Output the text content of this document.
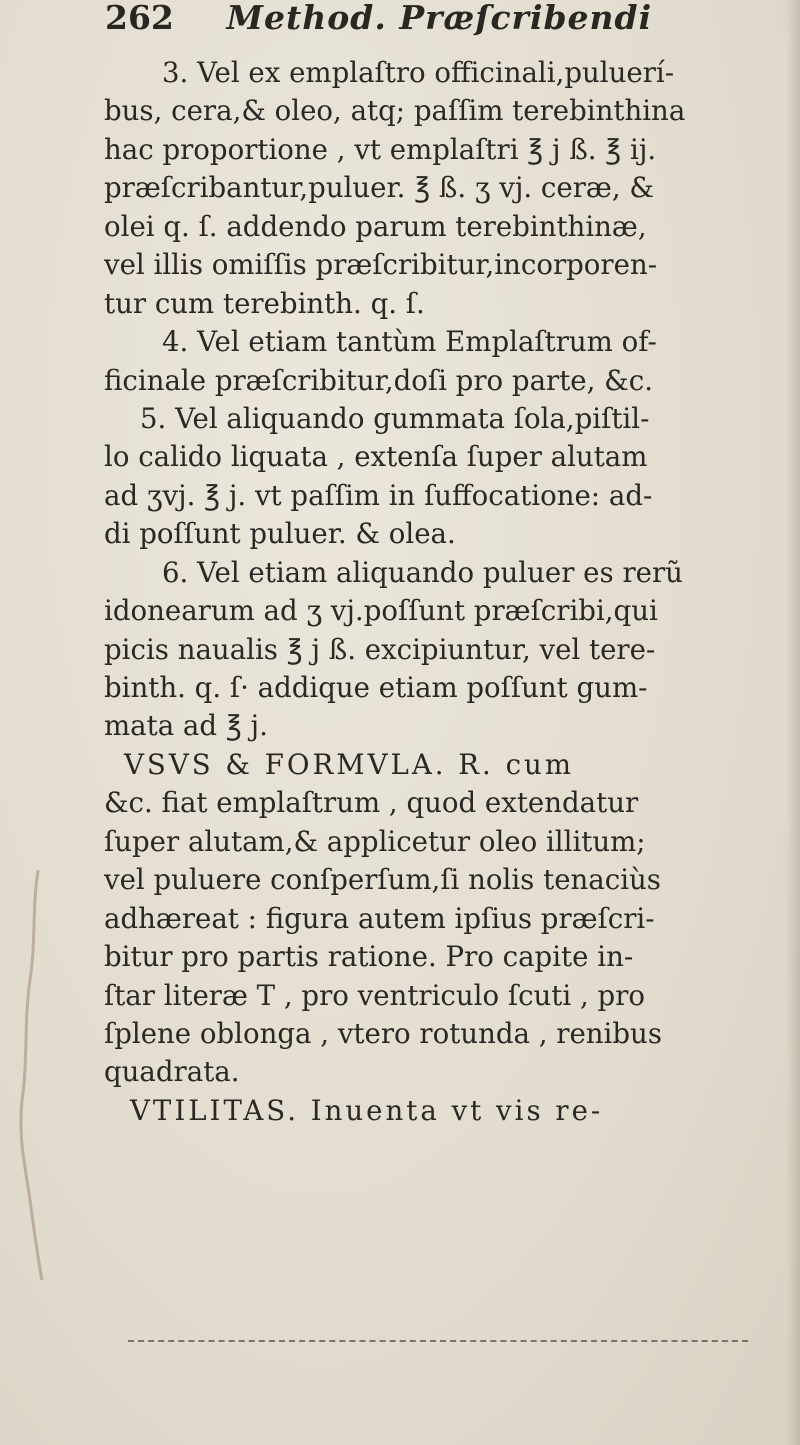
262 Method. Præſcribendi
3. Vel ex emplaſtro officinali,puluerí-
bus, cera,& oleo, atq; paſſim terebinthina
hac proportione , vt emplaſtri ℥ j ß. ℥ ij.
præſcribantur,puluer. ℥ ß. ʒ vj. ceræ, &
olei q. ſ. addendo parum terebinthinæ,
vel illis omiſſis præſcribitur,incorporen-
tur cum terebinth. q. ſ.
4. Vel etiam tantùm Emplaſtrum of-
ficinale præſcribitur,doſi pro parte, &c.
5. Vel aliquando gummata ſola,piſtil-
lo calido liquata , extenſa ſuper alutam
ad ʒvj. ℥ j. vt paſſim in ſuffocatione: ad-
di poſſunt puluer. & olea.
6. Vel etiam aliquando puluer es rerũ
idonearum ad ʒ vj.poſſunt præſcribi,qui
picis naualis ℥ j ß. excipiuntur, vel tere-
binth. q. ſ· addique etiam poſſunt gum-
mata ad ℥ j.
VSVS & FORMVLA. R. cum
&c. fiat emplaſtrum , quod extendatur
ſuper alutam,& applicetur oleo illitum;
vel puluere conſperſum,ſi nolis tenaciùs
adhæreat : figura autem ipſius præſcri-
bitur pro partis ratione. Pro capite in-
ſtar literæ T , pro ventriculo ſcuti , pro
ſplene oblonga , vtero rotunda , renibus
quadrata.
VTILITAS. Inuenta vt vis re-
